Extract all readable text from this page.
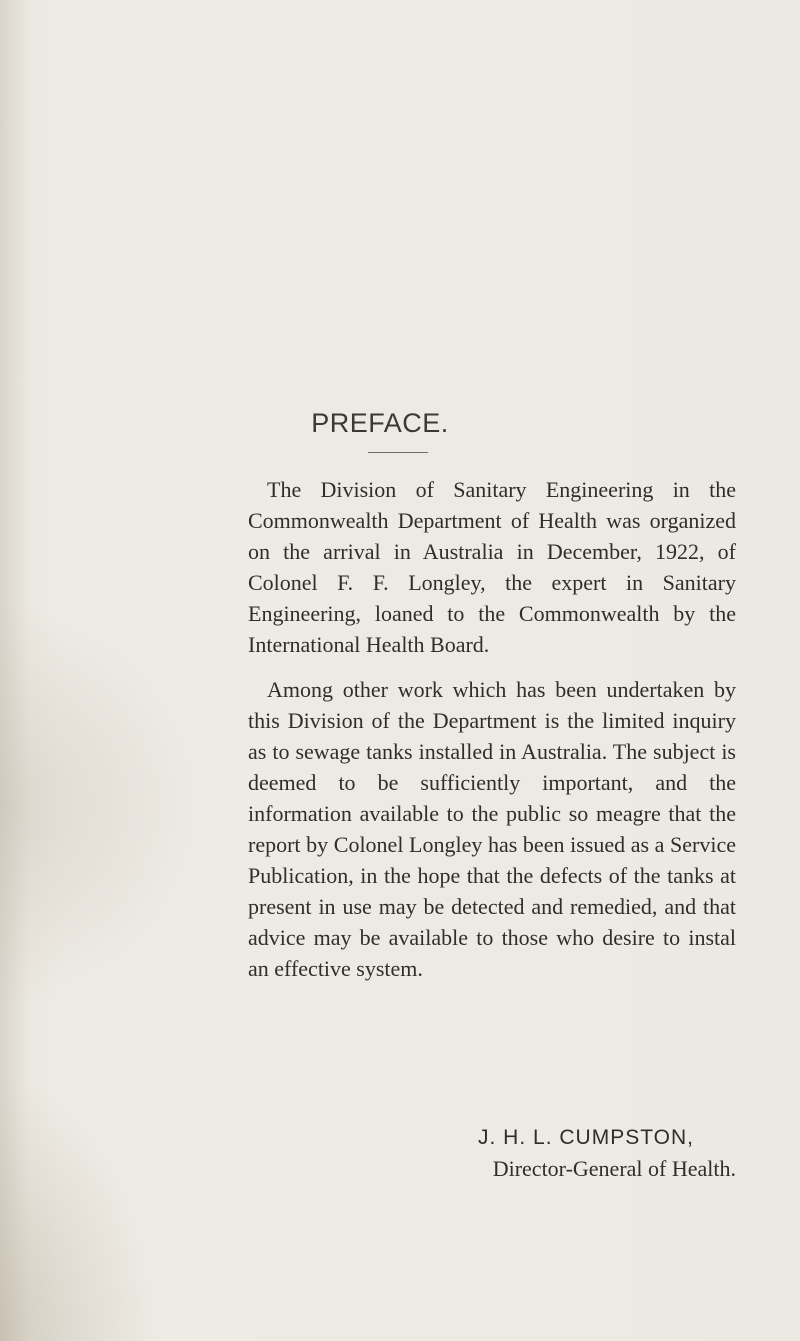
PREFACE.

The Division of Sanitary Engineering in the Commonwealth Department of Health was organized on the arrival in Australia in December, 1922, of Colonel F. F. Longley, the expert in Sanitary Engineering, loaned to the Commonwealth by the International Health Board.

Among other work which has been undertaken by this Division of the Department is the limited inquiry as to sewage tanks installed in Australia. The subject is deemed to be sufficiently important, and the information available to the public so meagre that the report by Colonel Longley has been issued as a Service Publication, in the hope that the defects of the tanks at present in use may be detected and remedied, and that advice may be available to those who desire to instal an effective system.

J. H. L. CUMPSTON,
Director-General of Health.
